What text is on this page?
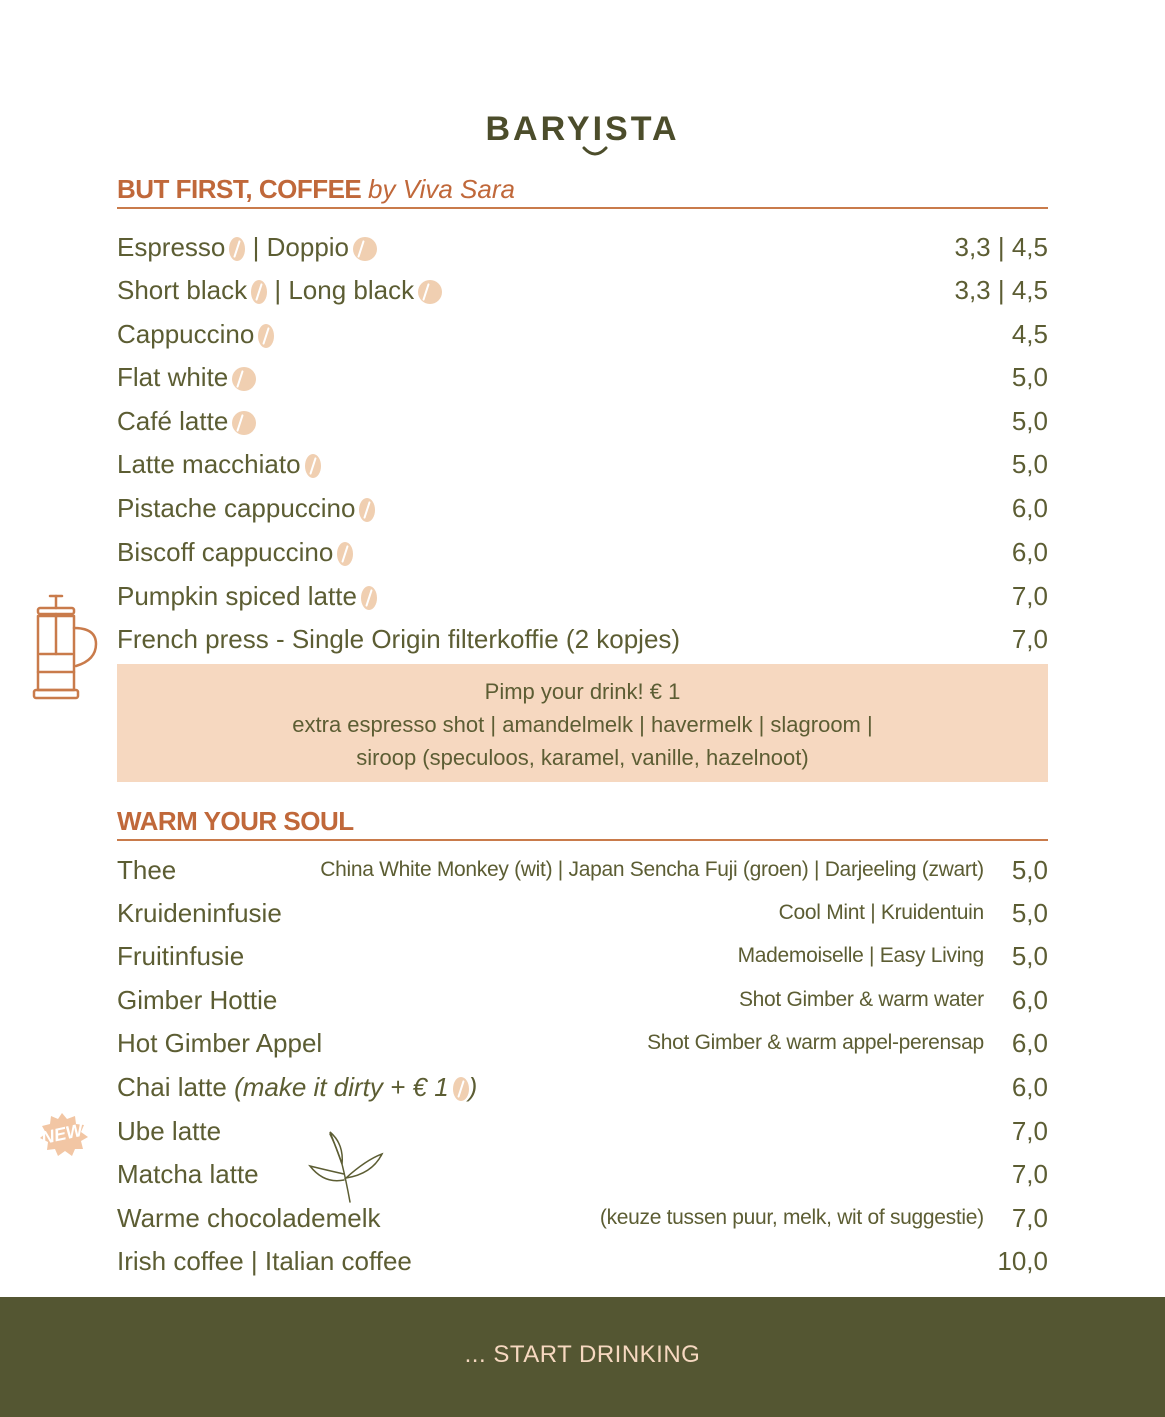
BARYISTA
BUT FIRST, COFFEE by Viva Sara
Espresso | Doppio	3,3 | 4,5
Short black | Long black	3,3 | 4,5
Cappuccino	4,5
Flat white	5,0
Café latte	5,0
Latte macchiato	5,0
Pistache cappuccino	6,0
Biscoff cappuccino	6,0
Pumpkin spiced latte	7,0
French press - Single Origin filterkoffie (2 kopjes)	7,0
Pimp your drink! € 1
extra espresso shot | amandelmelk | havermelk | slagroom |
siroop (speculoos, karamel, vanille, hazelnoot)
WARM YOUR SOUL
Thee	China White Monkey (wit) | Japan Sencha Fuji (groen) | Darjeeling (zwart) 5,0
Kruideninfusie	Cool Mint | Kruidentuin 5,0
Fruitinfusie	Mademoiselle | Easy Living 5,0
Gimber Hottie	Shot Gimber & warm water 6,0
Hot Gimber Appel	Shot Gimber & warm appel-perensap 6,0
Chai latte (make it dirty + € 1 )	6,0
Ube latte	7,0
Matcha latte	7,0
Warme chocolademelk	(keuze tussen puur, melk, wit of suggestie) 7,0
Irish coffee | Italian coffee	10,0
NEW
... START DRINKING
